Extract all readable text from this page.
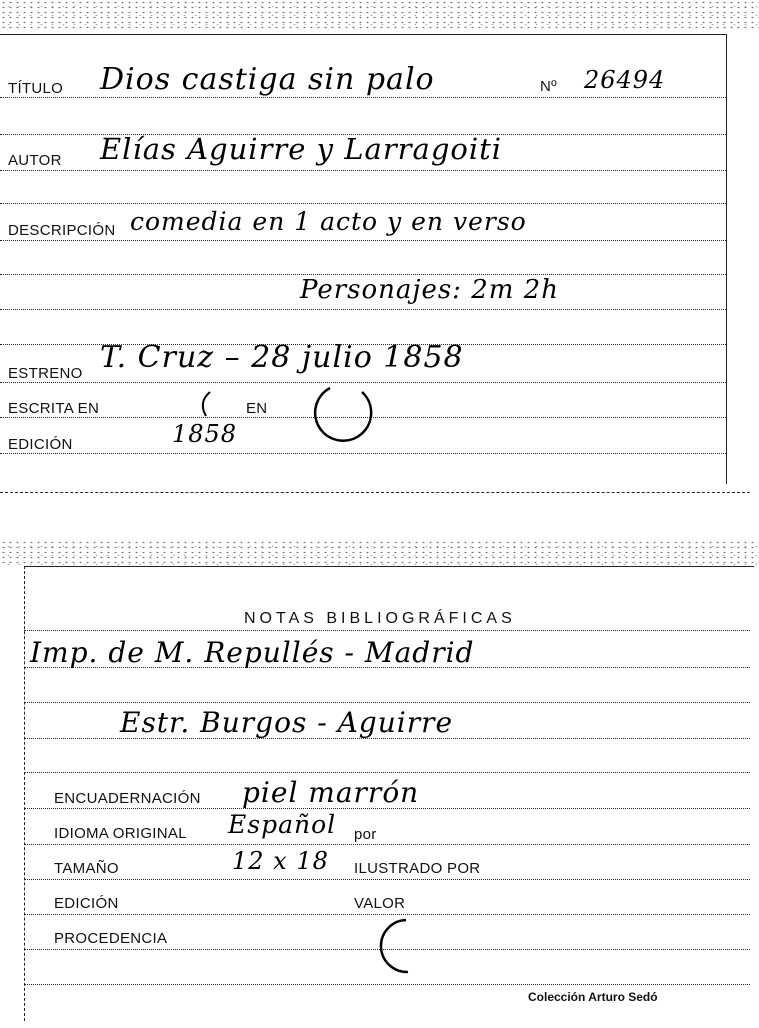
TÍTULO Dios castiga sin palo	Nº 26494
AUTOR Elías Aguirre y Larragoiti
DESCRIPCIÓN comedia en 1 acto y en verso
Personajes: 2m 2h
ESTRENO T. Cruz – 28 julio 1858
ESCRITA EN	EN
EDICIÓN	1858
NOTAS BIBLIOGRÁFICAS
Imp. de M. Repullés - Madrid
Estr. Burgos - Aguirre
ENCUADERNACIÓN piel marrón
IDIOMA ORIGINAL Español por
TAMAÑO	12 x 18 ILUSTRADO POR
EDICIÓN	VALOR
PROCEDENCIA
Colección Arturo Sedó
